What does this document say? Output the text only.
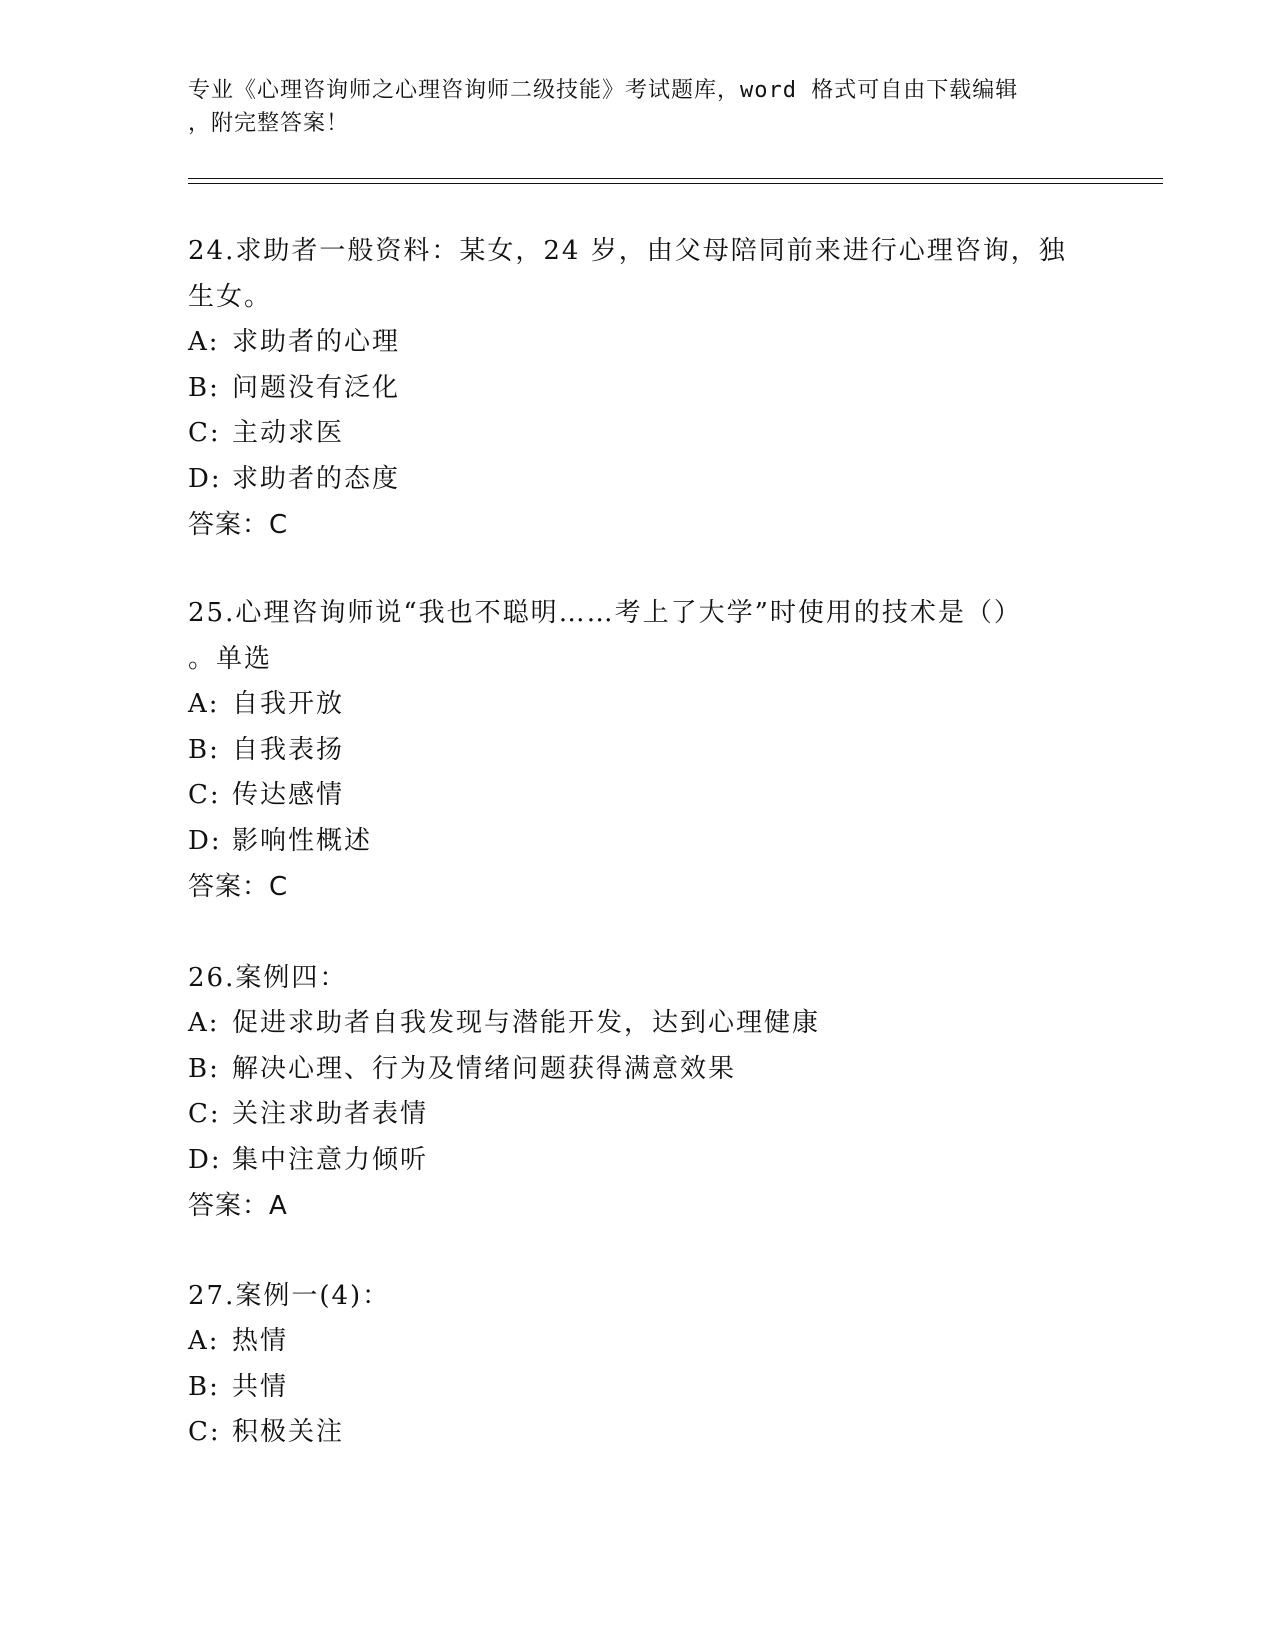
专业《心理咨询师之心理咨询师二级技能》考试题库，word 格式可自由下载编辑
，附完整答案！

24.求助者一般资料：某女，24 岁，由父母陪同前来进行心理咨询，独

生女。

A: 求助者的心理

B: 问题没有泛化

C: 主动求医

D: 求助者的态度

答案：C

25.心理咨询师说“我也不聪明……考上了大学”时使用的技术是（）

。单选

A: 自我开放

B: 自我表扬

C: 传达感情

D: 影响性概述

答案：C

26.案例四：

A: 促进求助者自我发现与潜能开发，达到心理健康

B: 解决心理、行为及情绪问题获得满意效果

C: 关注求助者表情

D: 集中注意力倾听

答案：A

27.案例一(4)：

A: 热情

B: 共情

C: 积极关注
